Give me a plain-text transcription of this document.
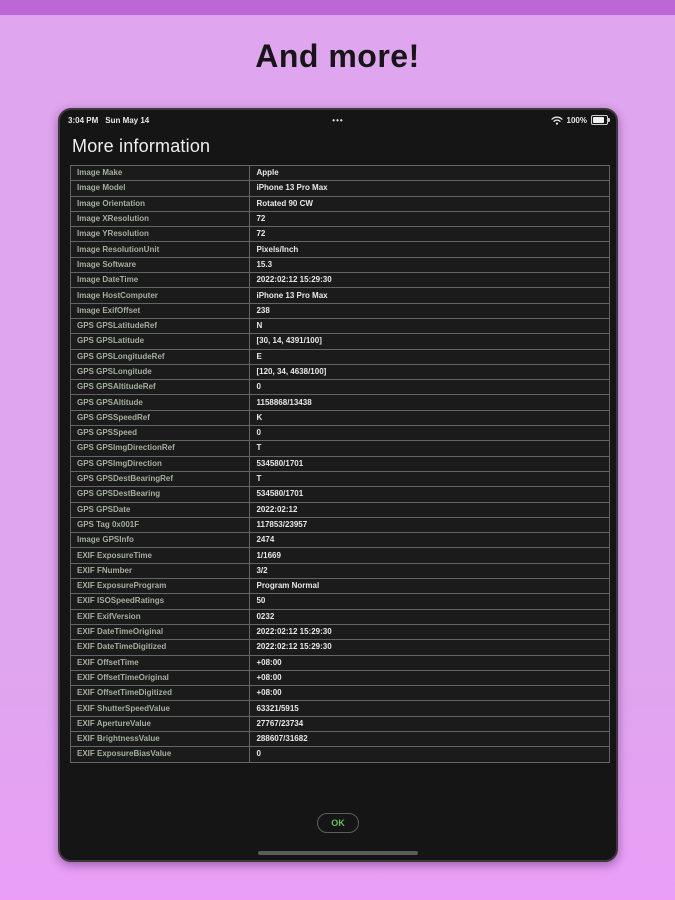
And more!
3:04 PM Sun May 14	•••	100%
More information
Image Make	Apple
Image Model	iPhone 13 Pro Max
Image Orientation	Rotated 90 CW
Image XResolution	72
Image YResolution	72
Image ResolutionUnit	Pixels/Inch
Image Software	15.3
Image DateTime	2022:02:12 15:29:30
Image HostComputer	iPhone 13 Pro Max
Image ExifOffset	238
GPS GPSLatitudeRef	N
GPS GPSLatitude	[30, 14, 4391/100]
GPS GPSLongitudeRef	E
GPS GPSLongitude	[120, 34, 4638/100]
GPS GPSAltitudeRef	0
GPS GPSAltitude	1158868/13438
GPS GPSSpeedRef	K
GPS GPSSpeed	0
GPS GPSImgDirectionRef	T
GPS GPSImgDirection	534580/1701
GPS GPSDestBearingRef	T
GPS GPSDestBearing	534580/1701
GPS GPSDate	2022:02:12
GPS Tag 0x001F	117853/23957
Image GPSInfo	2474
EXIF ExposureTime	1/1669
EXIF FNumber	3/2
EXIF ExposureProgram	Program Normal
EXIF ISOSpeedRatings	50
EXIF ExifVersion	0232
EXIF DateTimeOriginal	2022:02:12 15:29:30
EXIF DateTimeDigitized	2022:02:12 15:29:30
EXIF OffsetTime	+08:00
EXIF OffsetTimeOriginal	+08:00
EXIF OffsetTimeDigitized	+08:00
EXIF ShutterSpeedValue	63321/5915
EXIF ApertureValue	27767/23734
EXIF BrightnessValue	288607/31682
EXIF ExposureBiasValue	0
OK
